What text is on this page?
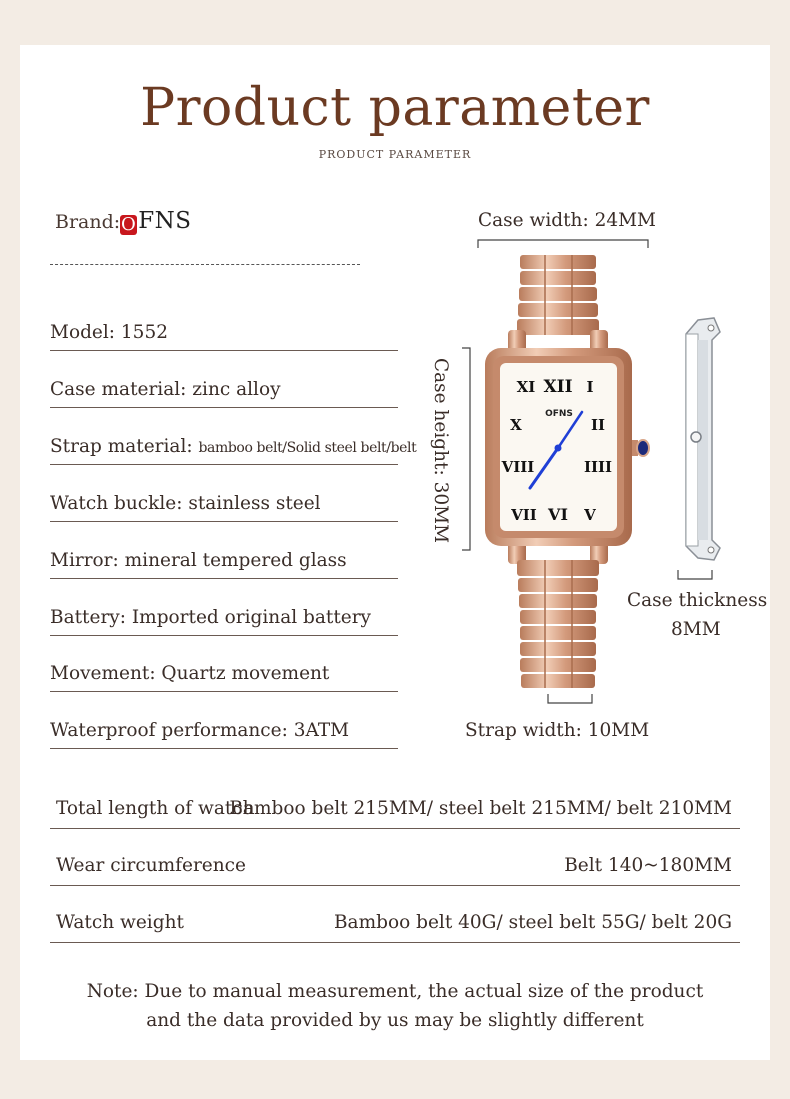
Product parameter
PRODUCT PARAMETER
Brand:OFNS
Model: 1552
Case material: zinc alloy
Strap material: bamboo belt/Solid steel belt/belt
Watch buckle: stainless steel
Mirror: mineral tempered glass
Battery: Imported original battery
Movement: Quartz movement
Waterproof performance: 3ATM
XII I
II
IIII
V
VI
VII
VIII
X
XI
OFNS
Case width: 24MM
Case height: 30MM
Case thickness
8MM
Strap width: 10MM
Total length of watch
Bamboo belt 215MM/ steel belt 215MM/ belt 210MM
Wear circumference	Belt 140~180MM
Watch weight	Bamboo belt 40G/ steel belt 55G/ belt 20G
Note: Due to manual measurement, the actual size of the product
and the data provided by us may be slightly different
